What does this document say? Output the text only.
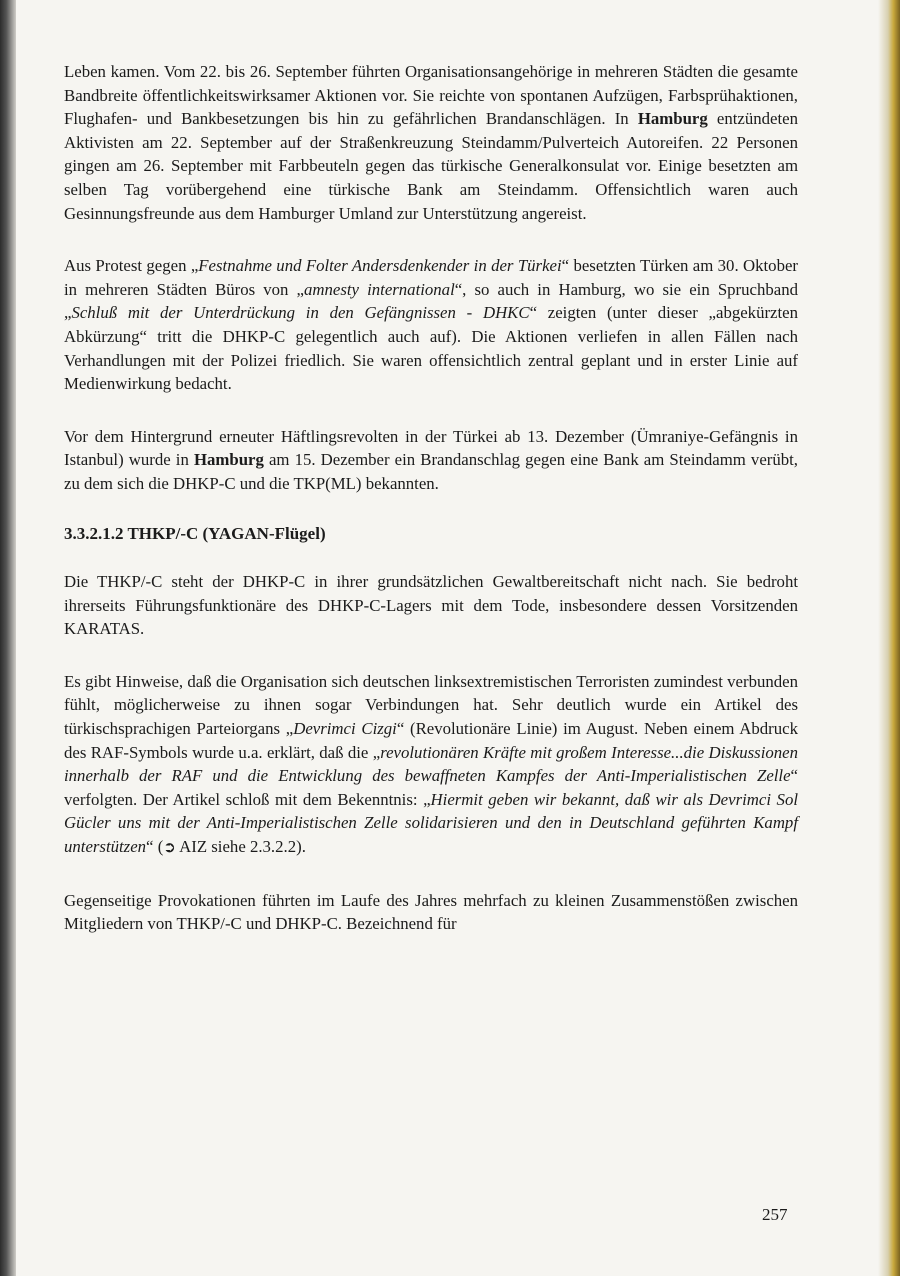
Leben kamen. Vom 22. bis 26. September führten Organisationsangehörige in mehreren Städten die gesamte Bandbreite öffentlichkeitswirksamer Aktionen vor. Sie reichte von spontanen Aufzügen, Farbsprühaktionen, Flughafen- und Bankbesetzungen bis hin zu gefährlichen Brandanschlägen. In Hamburg entzündeten Aktivisten am 22. September auf der Straßenkreuzung Steindamm/Pulverteich Autoreifen. 22 Personen gingen am 26. September mit Farbbeuteln gegen das türkische Generalkonsulat vor. Einige besetzten am selben Tag vorübergehend eine türkische Bank am Steindamm. Offensichtlich waren auch Gesinnungsfreunde aus dem Hamburger Umland zur Unterstützung angereist.

Aus Protest gegen „Festnahme und Folter Andersdenkender in der Türkei“ besetzten Türken am 30. Oktober in mehreren Städten Büros von „amnesty international“, so auch in Hamburg, wo sie ein Spruchband „Schluß mit der Unterdrückung in den Gefängnissen - DHKC“ zeigten (unter dieser „abgekürzten Abkürzung“ tritt die DHKP-C gelegentlich auch auf). Die Aktionen verliefen in allen Fällen nach Verhandlungen mit der Polizei friedlich. Sie waren offensichtlich zentral geplant und in erster Linie auf Medienwirkung bedacht.

Vor dem Hintergrund erneuter Häftlingsrevolten in der Türkei ab 13. Dezember (Ümraniye-Gefängnis in Istanbul) wurde in Hamburg am 15. Dezember ein Brandanschlag gegen eine Bank am Steindamm verübt, zu dem sich die DHKP-C und die TKP(ML) bekannten.

3.3.2.1.2 THKP/-C (YAGAN-Flügel)

Die THKP/-C steht der DHKP-C in ihrer grundsätzlichen Gewaltbereitschaft nicht nach. Sie bedroht ihrerseits Führungsfunktionäre des DHKP-C-Lagers mit dem Tode, insbesondere dessen Vorsitzenden KARATAS.

Es gibt Hinweise, daß die Organisation sich deutschen linksextremistischen Terroristen zumindest verbunden fühlt, möglicherweise zu ihnen sogar Verbindungen hat. Sehr deutlich wurde ein Artikel des türkischsprachigen Parteiorgans „Devrimci Cizgi“ (Revolutionäre Linie) im August. Neben einem Abdruck des RAF-Symbols wurde u.a. erklärt, daß die „revolutionären Kräfte mit großem Interesse...die Diskussionen innerhalb der RAF und die Entwicklung des bewaffneten Kampfes der Anti-Imperialistischen Zelle“ verfolgten. Der Artikel schloß mit dem Bekenntnis: „Hiermit geben wir bekannt, daß wir als Devrimci Sol Gücler uns mit der Anti-Imperialistischen Zelle solidarisieren und den in Deutschland geführten Kampf unterstützen“ (➲ AIZ siehe 2.3.2.2).

Gegenseitige Provokationen führten im Laufe des Jahres mehrfach zu kleinen Zusammenstößen zwischen Mitgliedern von THKP/-C und DHKP-C. Bezeichnend für

257
